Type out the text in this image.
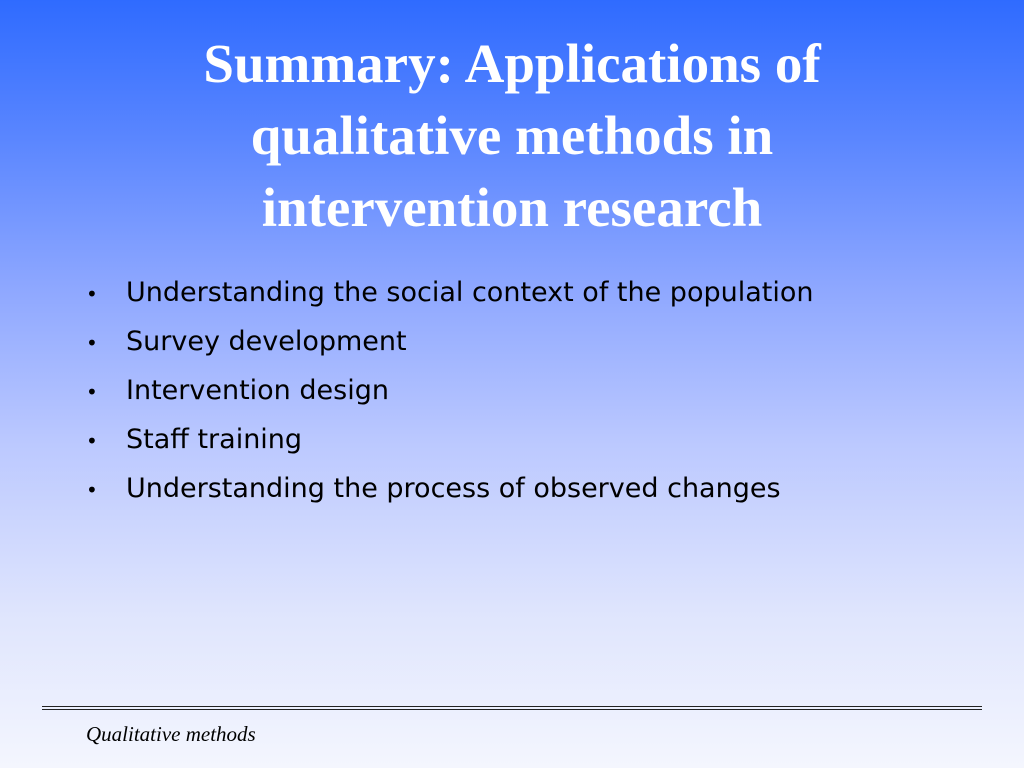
Summary: Applications of
qualitative methods in
intervention research
•	Understanding the social context of the population
•	Survey development
•	Intervention design
•	Staff training
•	Understanding the process of observed changes
Qualitative methods
